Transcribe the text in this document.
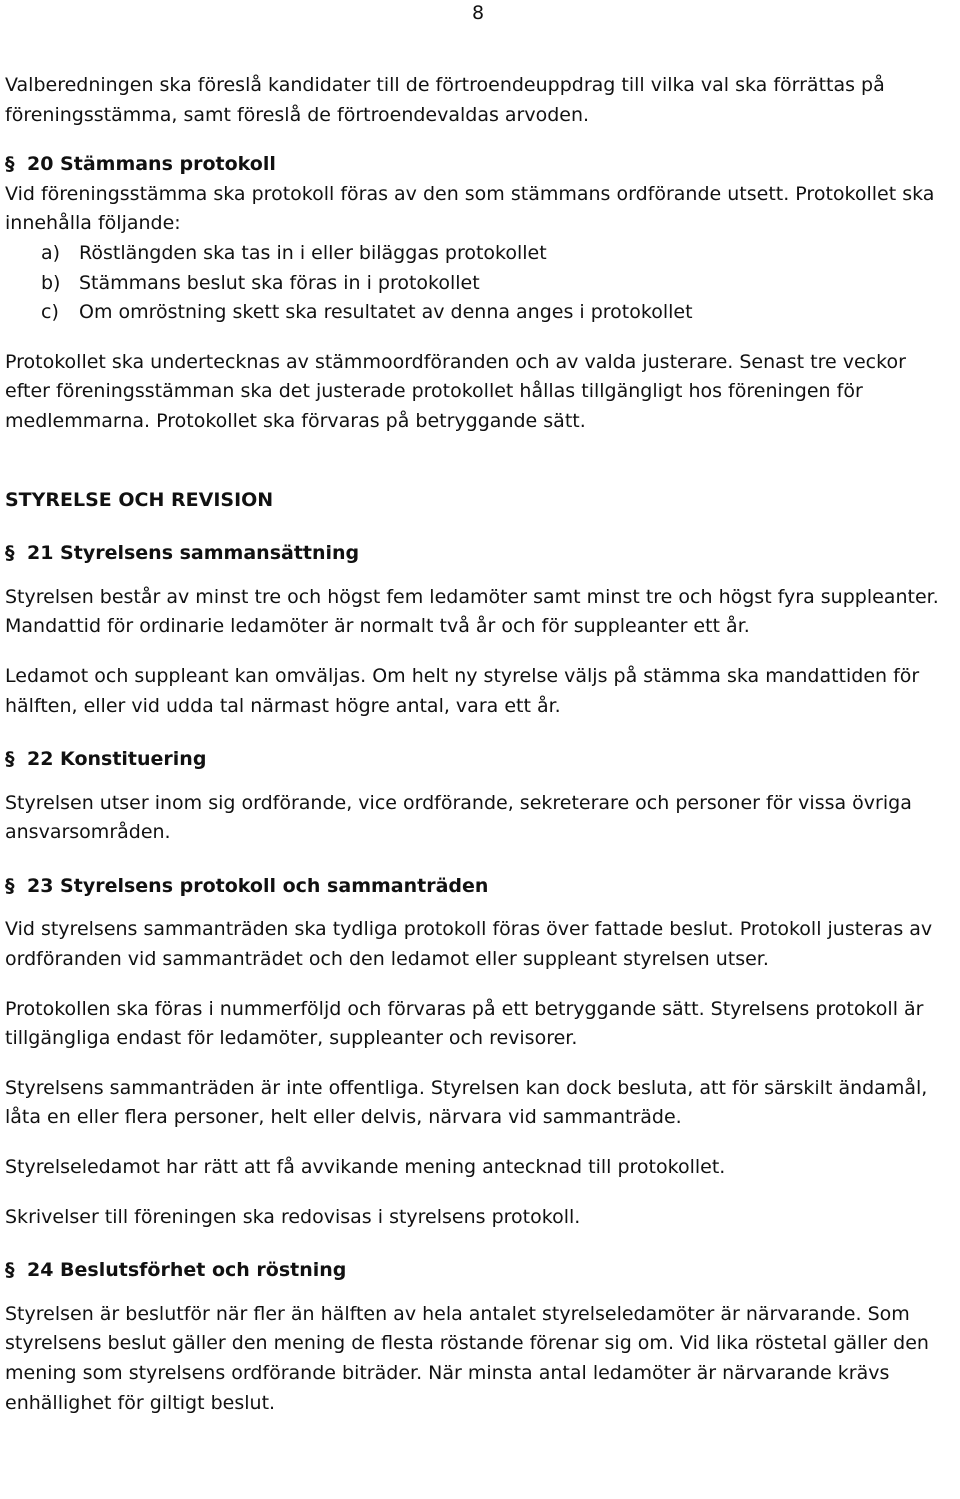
8

Valberedningen ska föreslå kandidater till de förtroendeuppdrag till vilka val ska förrättas på föreningsstämma, samt föreslå de förtroendevaldas arvoden.

§ 20 Stämmans protokoll

Vid föreningsstämma ska protokoll föras av den som stämmans ordförande utsett. Protokollet ska innehålla följande:

a) Röstlängden ska tas in i eller biläggas protokollet
b) Stämmans beslut ska föras in i protokollet
c) Om omröstning skett ska resultatet av denna anges i protokollet

Protokollet ska undertecknas av stämmoordföranden och av valda justerare. Senast tre veckor efter föreningsstämman ska det justerade protokollet hållas tillgängligt hos föreningen för medlemmarna. Protokollet ska förvaras på betryggande sätt.

STYRELSE OCH REVISION

§ 21 Styrelsens sammansättning

Styrelsen består av minst tre och högst fem ledamöter samt minst tre och högst fyra suppleanter. Mandattid för ordinarie ledamöter är normalt två år och för suppleanter ett år.

Ledamot och suppleant kan omväljas. Om helt ny styrelse väljs på stämma ska mandattiden för hälften, eller vid udda tal närmast högre antal, vara ett år.

§ 22 Konstituering

Styrelsen utser inom sig ordförande, vice ordförande, sekreterare och personer för vissa övriga ansvarsområden.

§ 23 Styrelsens protokoll och sammanträden

Vid styrelsens sammanträden ska tydliga protokoll föras över fattade beslut. Protokoll justeras av ordföranden vid sammanträdet och den ledamot eller suppleant styrelsen utser.

Protokollen ska föras i nummerföljd och förvaras på ett betryggande sätt. Styrelsens protokoll är tillgängliga endast för ledamöter, suppleanter och revisorer.

Styrelsens sammanträden är inte offentliga. Styrelsen kan dock besluta, att för särskilt ändamål, låta en eller flera personer, helt eller delvis, närvara vid sammanträde.

Styrelseledamot har rätt att få avvikande mening antecknad till protokollet.

Skrivelser till föreningen ska redovisas i styrelsens protokoll.

§ 24 Beslutsförhet och röstning

Styrelsen är beslutför när fler än hälften av hela antalet styrelseledamöter är närvarande. Som styrelsens beslut gäller den mening de flesta röstande förenar sig om. Vid lika röstetal gäller den mening som styrelsens ordförande biträder. När minsta antal ledamöter är närvarande krävs enhällighet för giltigt beslut.
